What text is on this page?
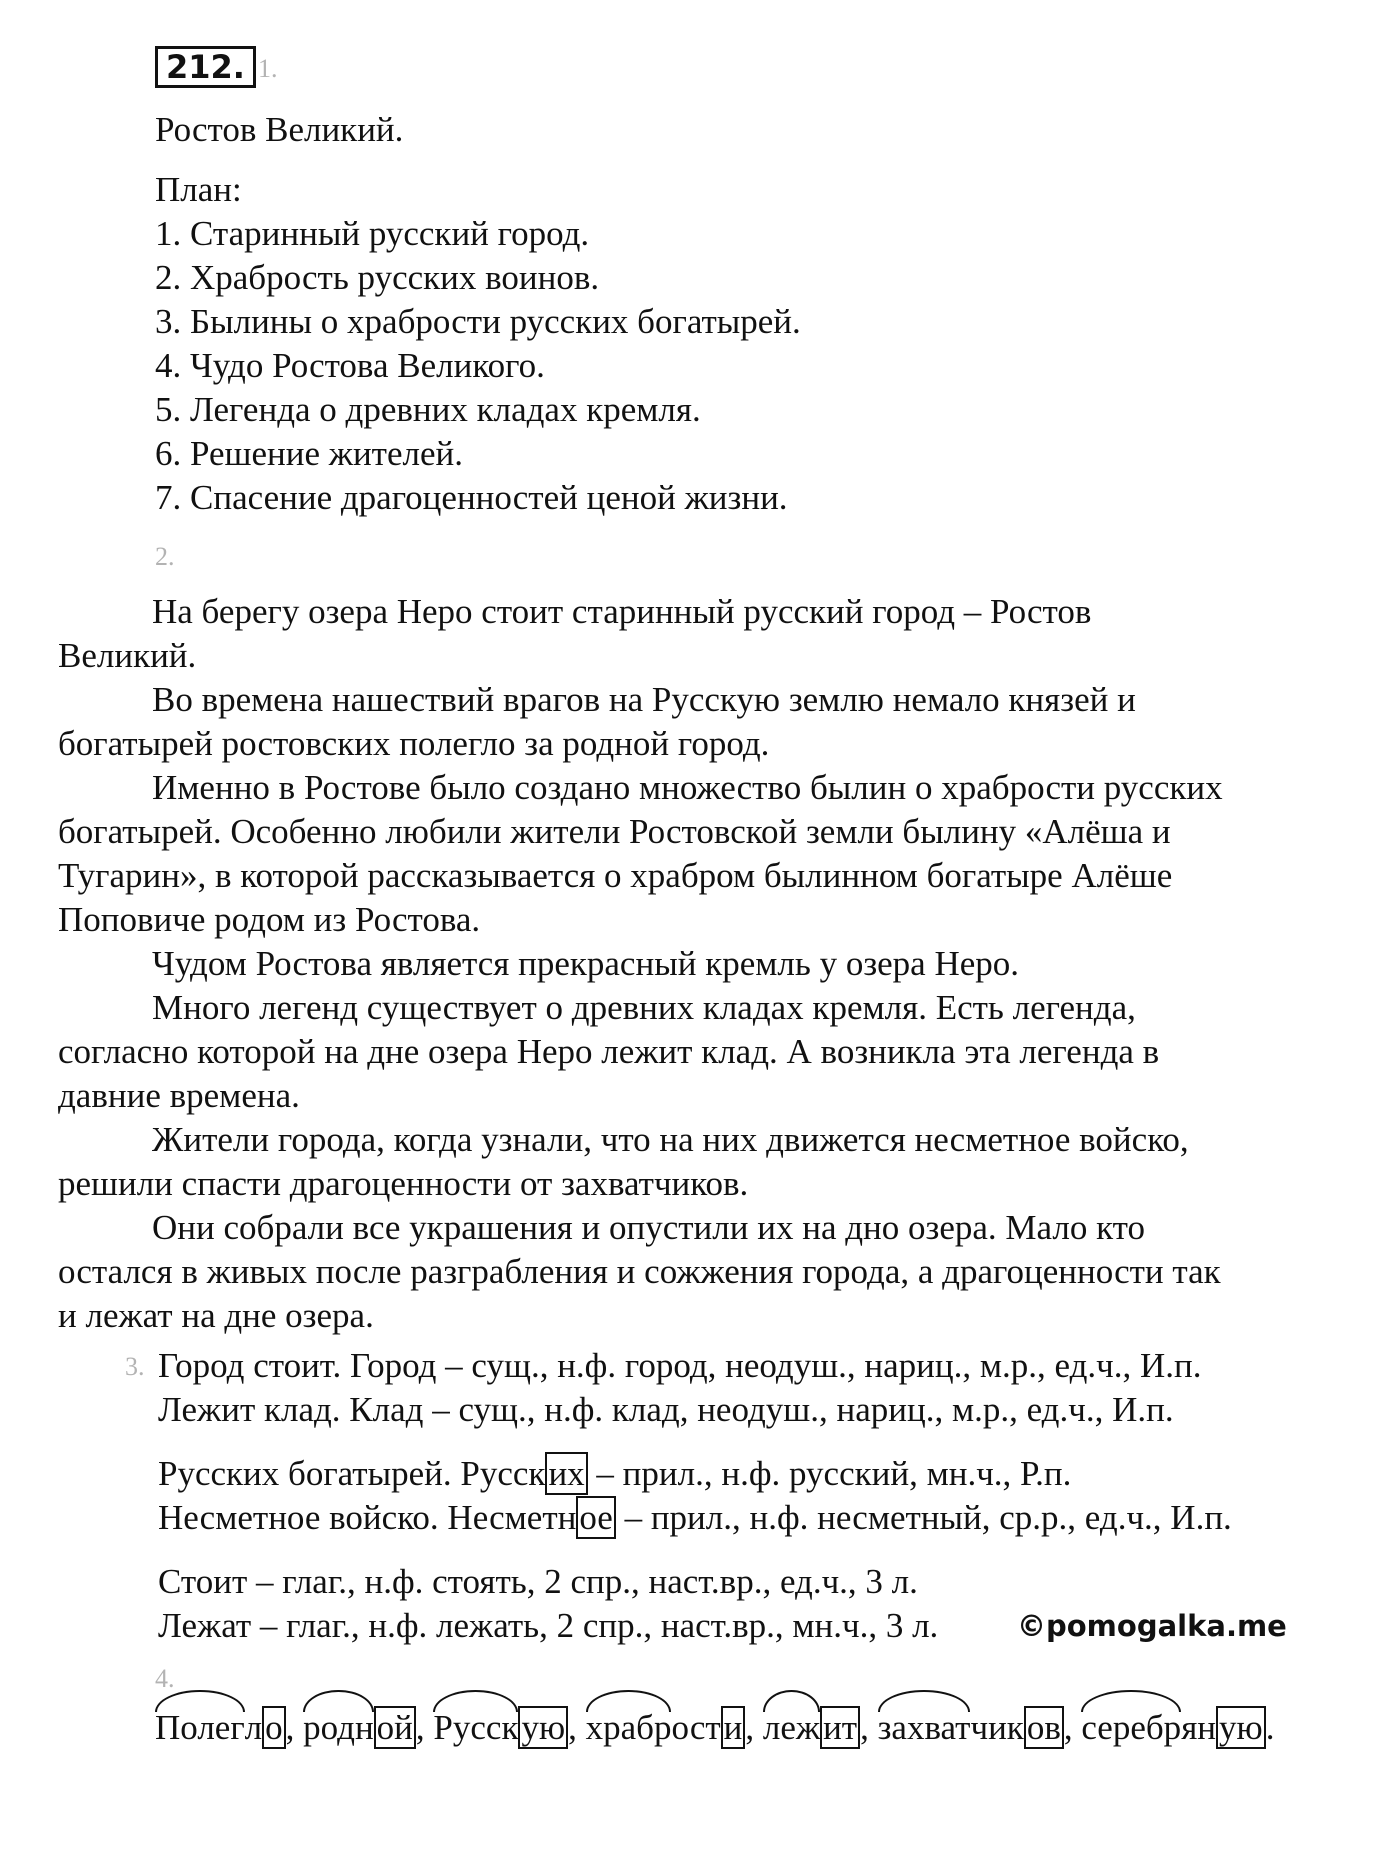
212. 1.
Ростов Великий.
План:
1. Старинный русский город.
2. Храбрость русских воинов.
3. Былины о храбрости русских богатырей.
4. Чудо Ростова Великого.
5. Легенда о древних кладах кремля.
6. Решение жителей.
7. Спасение драгоценностей ценой жизни.
2.
На берегу озера Неро стоит старинный русский город – Ростов
Великий.
Во времена нашествий врагов на Русскую землю немало князей и
богатырей ростовских полегло за родной город.
Именно в Ростове было создано множество былин о храбрости русских
богатырей. Особенно любили жители Ростовской земли былину «Алёша и
Тугарин», в которой рассказывается о храбром былинном богатыре Алёше
Поповиче родом из Ростова.
Чудом Ростова является прекрасный кремль у озера Неро.
Много легенд существует о древних кладах кремля. Есть легенда,
согласно которой на дне озера Неро лежит клад. А возникла эта легенда в
давние времена.
Жители города, когда узнали, что на них движется несметное войско,
решили спасти драгоценности от захватчиков.
Они собрали все украшения и опустили их на дно озера. Мало кто
остался в живых после разграбления и сожжения города, а драгоценности так
и лежат на дне озера.
3. Город стоит. Город – сущ., н.ф. город, неодуш., нариц., м.р., ед.ч., И.п.
Лежит клад. Клад – сущ., н.ф. клад, неодуш., нариц., м.р., ед.ч., И.п.
Русских богатырей. Русских – прил., н.ф. русский, мн.ч., Р.п.
Несметное войско. Несметное – прил., н.ф. несметный, ср.р., ед.ч., И.п.
Стоит – глаг., н.ф. стоять, 2 спр., наст.вр., ед.ч., 3 л.
Лежат – глаг., н.ф. лежать, 2 спр., наст.вр., мн.ч., 3 л.	©pomogalka.me
4.
Полегло,
родной,
Русскую,
храбрости,
лежит,
захватчиков,
серебряную.
